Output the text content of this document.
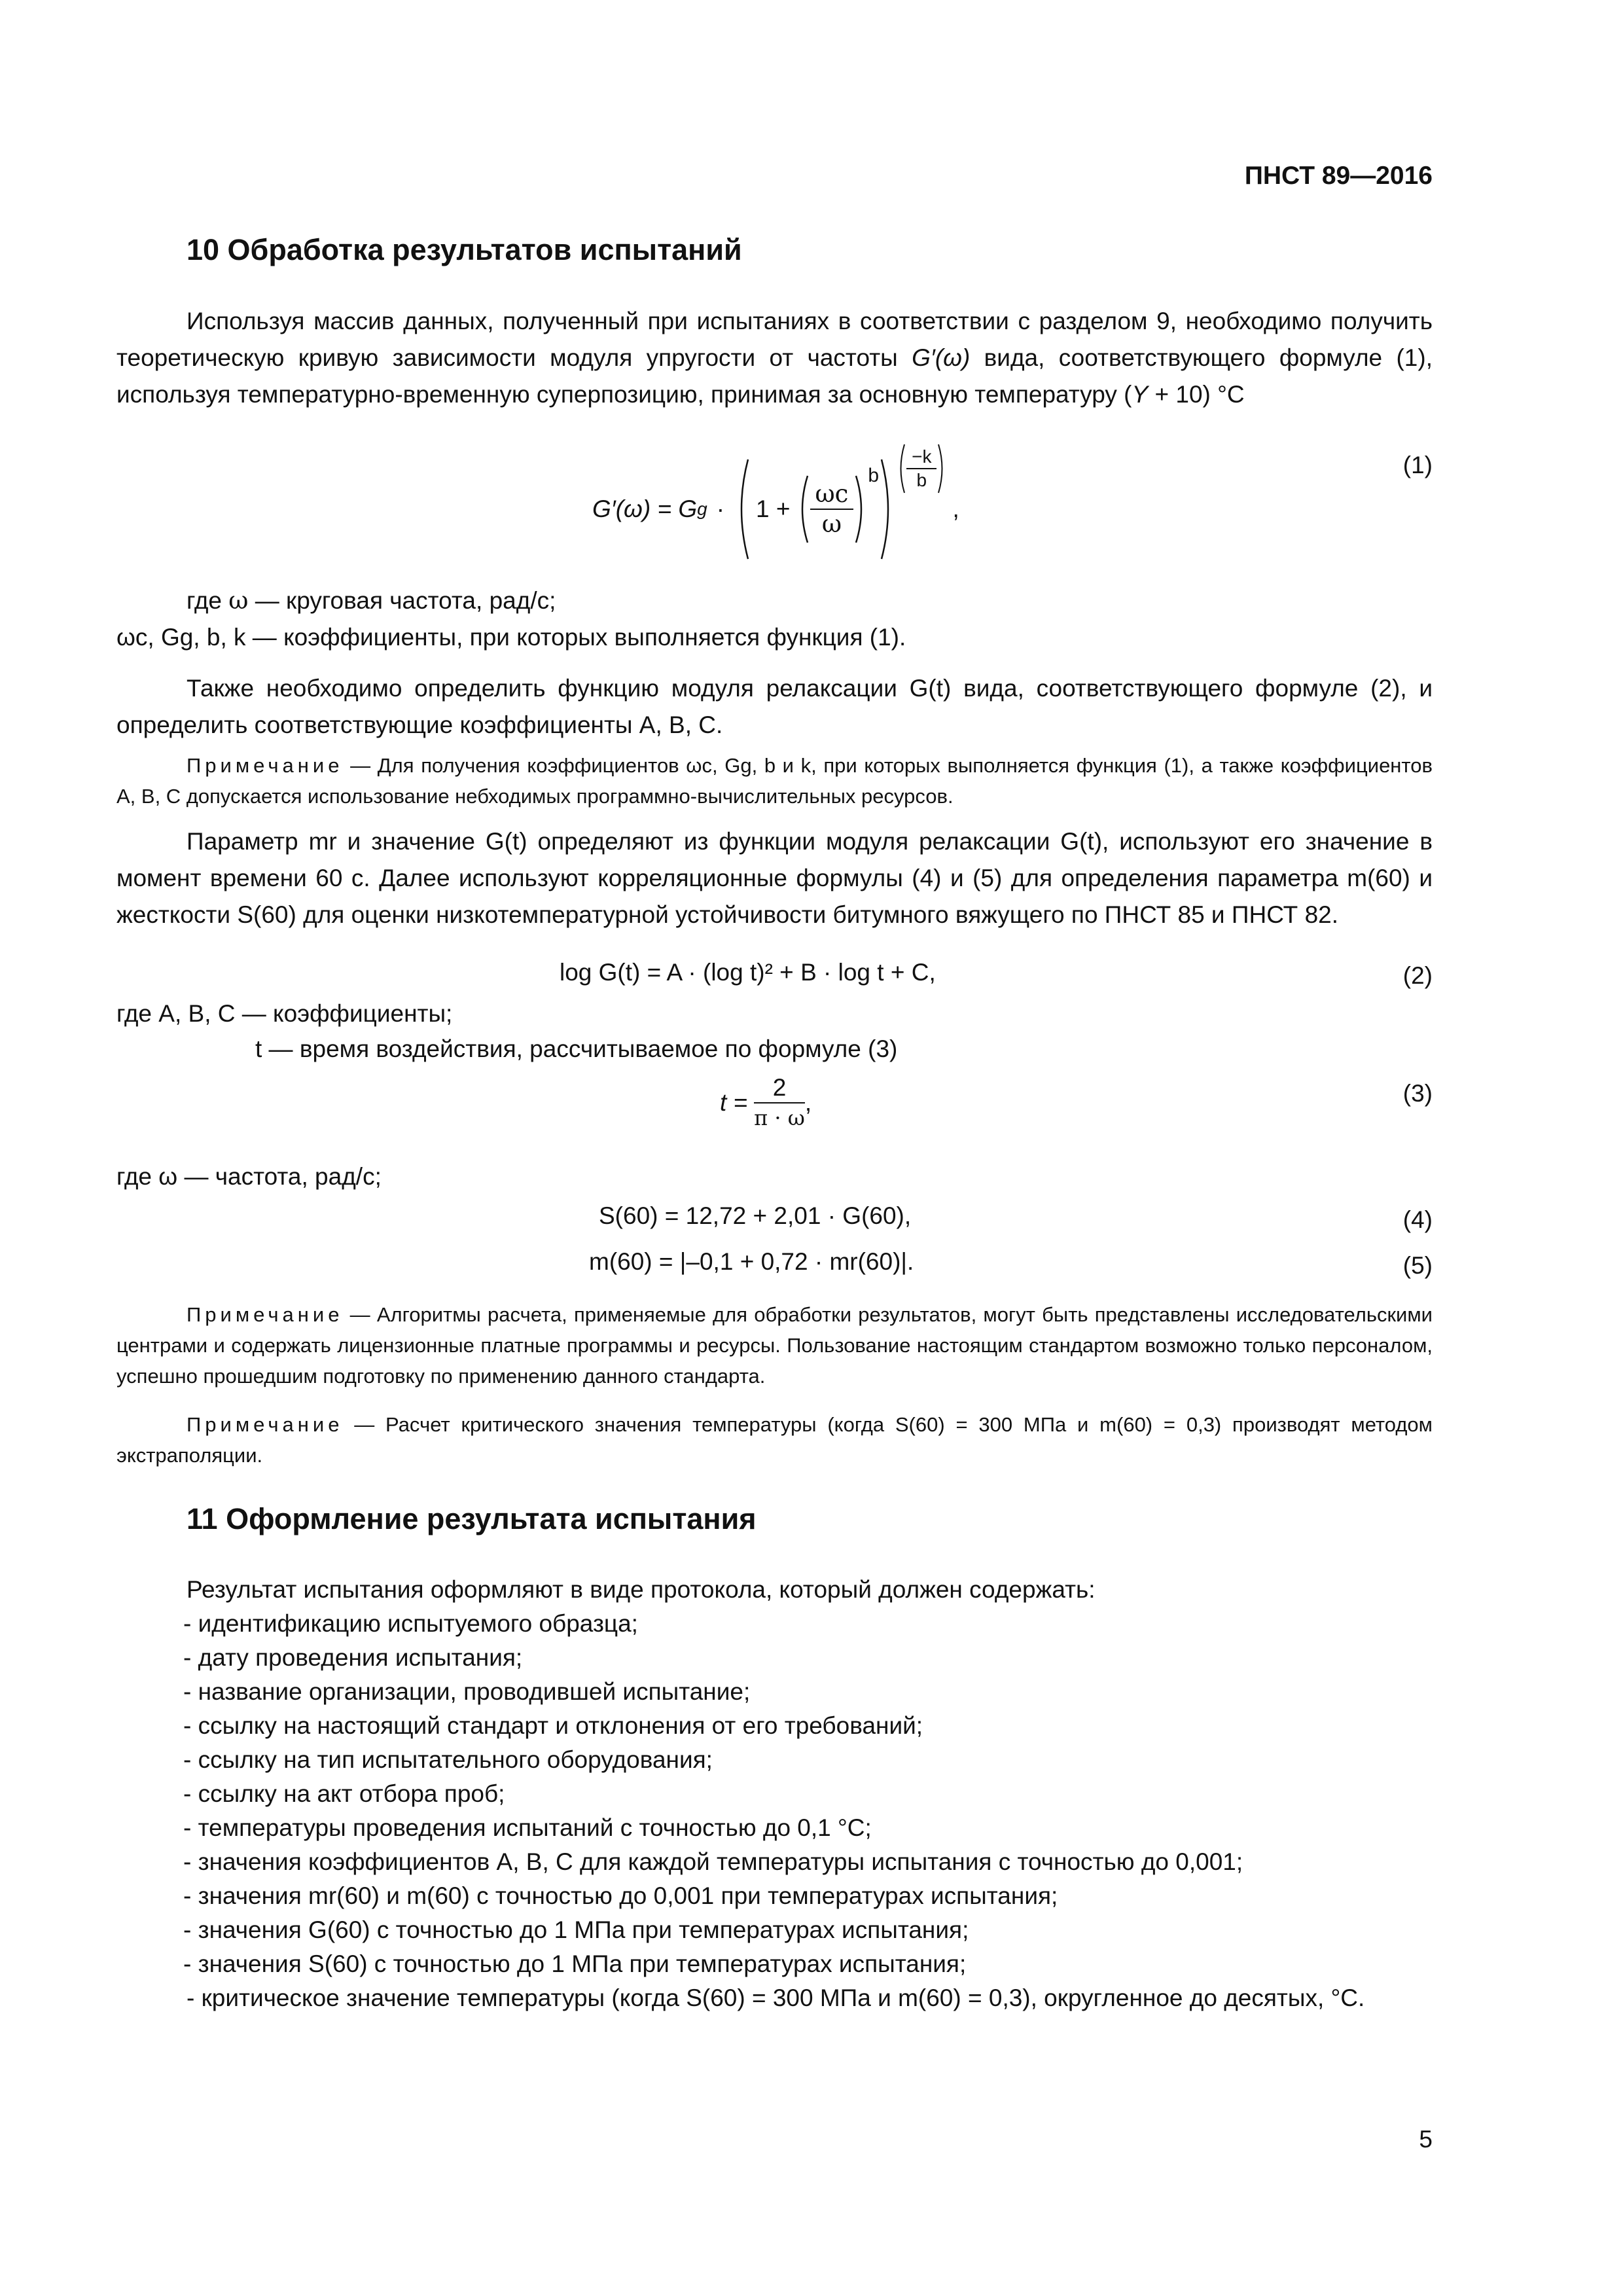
ПНСТ 89—2016
10 Обработка результатов испытаний
Используя массив данных, полученный при испытаниях в соответствии с разделом 9, необходимо получить теоретическую кривую зависимости модуля упругости от частоты G′(ω) вида, соответствующего формуле (1), используя температурно-временную суперпозицию, принимая за основную температуру (Y + 10) °C
G′(ω) = G $g \cdot 1 + \frac{\omega c}{\omega}$
b $\frac{-k}{b}$
,
(1)
где ω — круговая частота, рад/с;
ωc, Gg, b, k — коэффициенты, при которых выполняется функция (1).
Также необходимо определить функцию модуля релаксации G(t) вида, соответствующего формуле (2), и определить соответствующие коэффициенты А, В, С.
Примечание — Для получения коэффициентов ωc, Gg, b и k, при которых выполняется функция (1), а также коэффициентов А, В, С допускается использование небходимых программно-вычислительных ресурсов.
Параметр mr и значение G(t) определяют из функции модуля релаксации G(t), используют его значение в момент времени 60 с. Далее используют корреляционные формулы (4) и (5) для определения параметра m(60) и жесткости S(60) для оценки низкотемпературной устойчивости битумного вяжущего по ПНСТ 85 и ПНСТ 82.
log G(t) = A · (log t)² + B · log t + C,	(2)
где А, В, С — коэффициенты;
t — время воздействия, рассчитываемое по формуле (3)
$t = \frac{2}{\pi \cdot \omega}$ ,	(3)
где ω — частота, рад/с;
S(60) = 12,72 + 2,01 · G(60),	(4)
m(60) = |–0,1 + 0,72 · mr(60)|.	(5)
Примечание — Алгоритмы расчета, применяемые для обработки результатов, могут быть представлены исследовательскими центрами и содержать лицензионные платные программы и ресурсы. Пользование настоящим стандартом возможно только персоналом, успешно прошедшим подготовку по применению данного стандарта.
Примечание — Расчет критического значения температуры (когда S(60) = 300 МПа и m(60) = 0,3) производят методом экстраполяции.
11 Оформление результата испытания
Результат испытания оформляют в виде протокола, который должен содержать:
- идентификацию испытуемого образца;
- дату проведения испытания;
- название организации, проводившей испытание;
- ссылку на настоящий стандарт и отклонения от его требований;
- ссылку на тип испытательного оборудования;
- ссылку на акт отбора проб;
- температуры проведения испытаний с точностью до 0,1 °С;
- значения коэффициентов А, В, С для каждой температуры испытания с точностью до 0,001;
- значения mr(60) и m(60) с точностью до 0,001 при температурах испытания;
- значения G(60) с точностью до 1 МПа при температурах испытания;
- значения S(60) с точностью до 1 МПа при температурах испытания;
- критическое значение температуры (когда S(60) = 300 МПа и m(60) = 0,3), округленное до десятых, °С.
5
